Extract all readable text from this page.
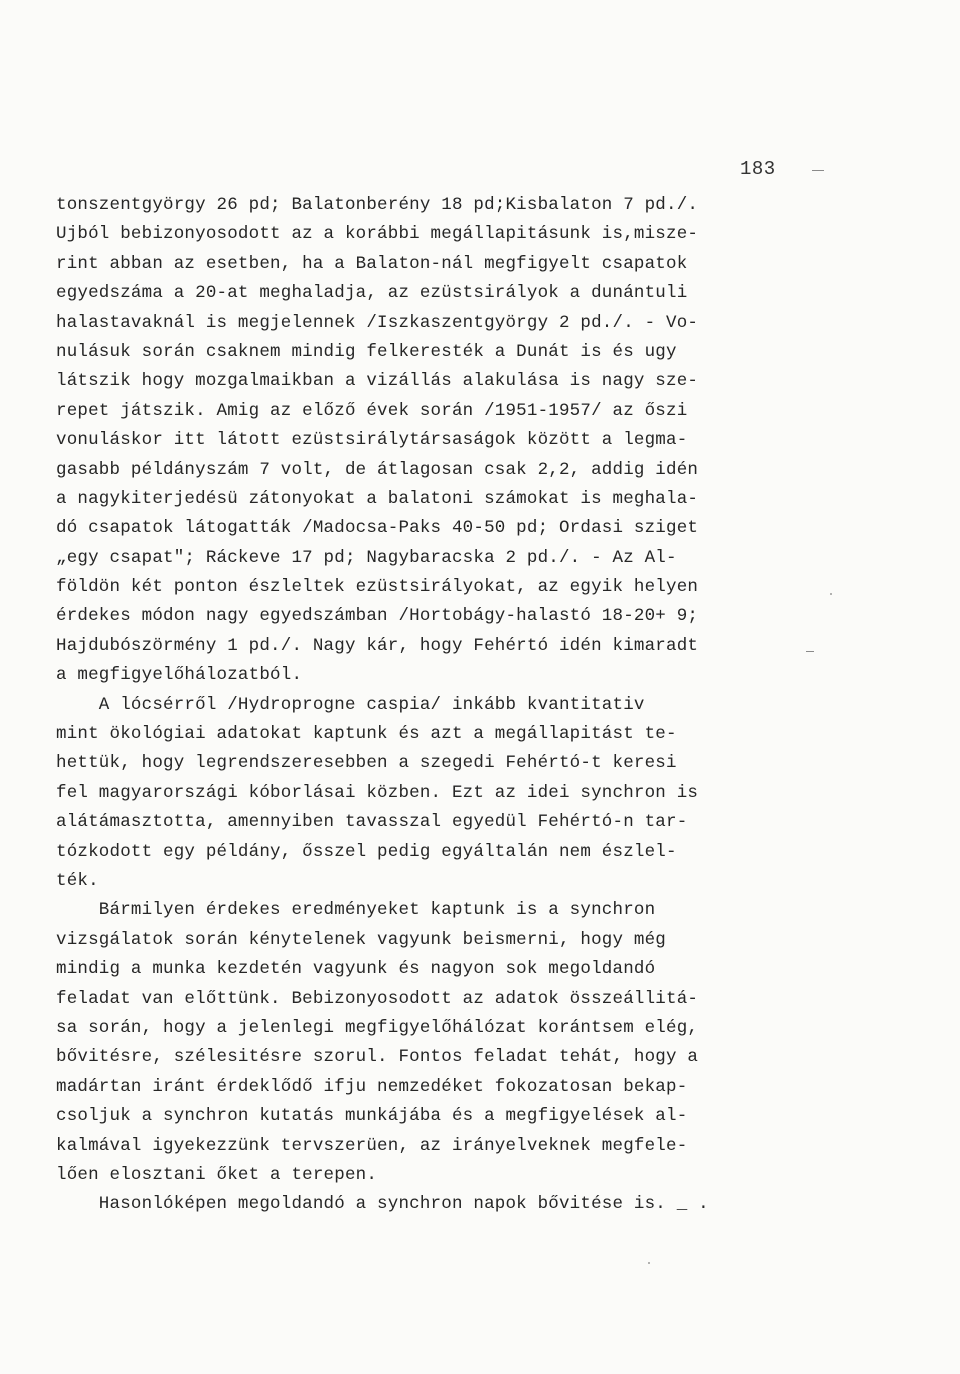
183
tonszentgyörgy 26 pd; Balatonberény 18 pd;Kisbalaton 7 pd./.
Ujból bebizonyosodott az a korábbi megállapitásunk is,misze-
rint abban az esetben, ha a Balaton-nál megfigyelt csapatok
egyedszáma a 20-at meghaladja, az ezüstsirályok a dunántuli
halastavaknál is megjelennek /Iszkaszentgyörgy 2 pd./. - Vo-
nulásuk során csaknem mindig felkeresték a Dunát is és ugy
látszik hogy mozgalmaikban a vizállás alakulása is nagy sze-
repet játszik. Amig az előző évek során /1951-1957/ az őszi
vonuláskor itt látott ezüstsirálytársaságok között a legma-
gasabb példányszám 7 volt, de átlagosan csak 2,2, addig idén
a nagykiterjedésü zátonyokat a balatoni számokat is meghala-
dó csapatok látogatták /Madocsa-Paks 40-50 pd; Ordasi sziget
„egy csapat"; Ráckeve 17 pd; Nagybaracska 2 pd./. - Az Al-
földön két ponton észleltek ezüstsirályokat, az egyik helyen
érdekes módon nagy egyedszámban /Hortobágy-halastó 18-20+ 9;
Hajdubószörmény 1 pd./. Nagy kár, hogy Fehértó idén kimaradt
a megfigyelőhálozatból.
A lócsérről /Hydroprogne caspia/ inkább kvantitativ
mint ökológiai adatokat kaptunk és azt a megállapitást te-
hettük, hogy legrendszeresebben a szegedi Fehértó-t keresi
fel magyarországi kóborlásai közben. Ezt az idei synchron is
alátámasztotta, amennyiben tavasszal egyedül Fehértó-n tar-
tózkodott egy példány, ősszel pedig egyáltalán nem észlel-
ték.
Bármilyen érdekes eredményeket kaptunk is a synchron
vizsgálatok során kénytelenek vagyunk beismerni, hogy még
mindig a munka kezdetén vagyunk és nagyon sok megoldandó
feladat van előttünk. Bebizonyosodott az adatok összeállitá-
sa során, hogy a jelenlegi megfigyelőhálózat korántsem elég,
bővitésre, szélesitésre szorul. Fontos feladat tehát, hogy a
madártan iránt érdeklődő ifju nemzedéket fokozatosan bekap-
csoljuk a synchron kutatás munkájába és a megfigyelések al-
kalmával igyekezzünk tervszerüen, az irányelveknek megfele-
lően elosztani őket a terepen.
Hasonlóképen megoldandó a synchron napok bővitése is. _ .
